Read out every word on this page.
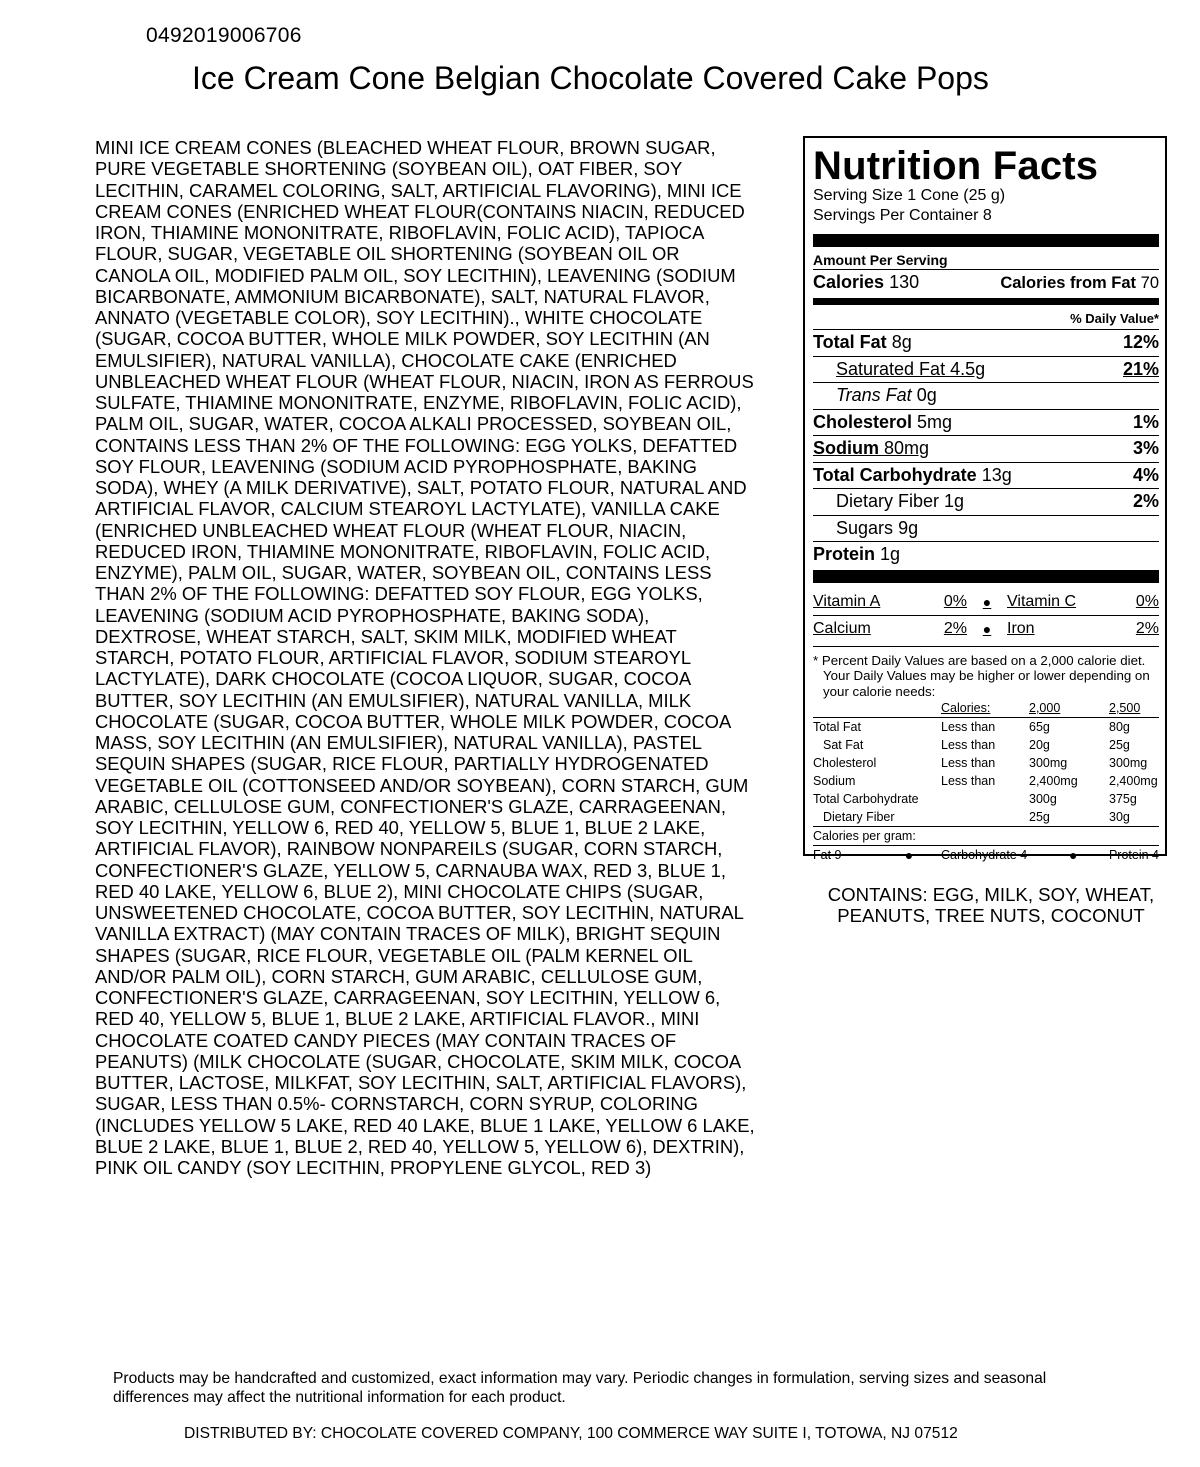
0492019006706
Ice Cream Cone Belgian Chocolate Covered Cake Pops
MINI ICE CREAM CONES (BLEACHED WHEAT FLOUR, BROWN SUGAR, PURE VEGETABLE SHORTENING (SOYBEAN OIL), OAT FIBER, SOY LECITHIN, CARAMEL COLORING, SALT, ARTIFICIAL FLAVORING), MINI ICE CREAM CONES (ENRICHED WHEAT FLOUR(CONTAINS NIACIN, REDUCED IRON, THIAMINE MONONITRATE, RIBOFLAVIN, FOLIC ACID), TAPIOCA FLOUR, SUGAR, VEGETABLE OIL SHORTENING (SOYBEAN OIL OR CANOLA OIL, MODIFIED PALM OIL, SOY LECITHIN), LEAVENING (SODIUM BICARBONATE, AMMONIUM BICARBONATE), SALT, NATURAL FLAVOR, ANNATO (VEGETABLE COLOR), SOY LECITHIN)., WHITE CHOCOLATE (SUGAR, COCOA BUTTER, WHOLE MILK POWDER, SOY LECITHIN (AN EMULSIFIER), NATURAL VANILLA), CHOCOLATE CAKE (ENRICHED UNBLEACHED WHEAT FLOUR (WHEAT FLOUR, NIACIN, IRON AS FERROUS SULFATE, THIAMINE MONONITRATE, ENZYME, RIBOFLAVIN, FOLIC ACID), PALM OIL, SUGAR, WATER, COCOA ALKALI PROCESSED, SOYBEAN OIL, CONTAINS LESS THAN 2% OF THE FOLLOWING: EGG YOLKS, DEFATTED SOY FLOUR, LEAVENING (SODIUM ACID PYROPHOSPHATE, BAKING SODA), WHEY (A MILK DERIVATIVE), SALT, POTATO FLOUR, NATURAL AND ARTIFICIAL FLAVOR, CALCIUM STEAROYL LACTYLATE), VANILLA CAKE (ENRICHED UNBLEACHED WHEAT FLOUR (WHEAT FLOUR, NIACIN, REDUCED IRON, THIAMINE MONONITRATE, RIBOFLAVIN, FOLIC ACID, ENZYME), PALM OIL, SUGAR, WATER, SOYBEAN OIL, CONTAINS LESS THAN 2% OF THE FOLLOWING: DEFATTED SOY FLOUR, EGG YOLKS, LEAVENING (SODIUM ACID PYROPHOSPHATE, BAKING SODA), DEXTROSE, WHEAT STARCH, SALT, SKIM MILK, MODIFIED WHEAT STARCH, POTATO FLOUR, ARTIFICIAL FLAVOR, SODIUM STEAROYL LACTYLATE), DARK CHOCOLATE (COCOA LIQUOR, SUGAR, COCOA BUTTER, SOY LECITHIN (AN EMULSIFIER), NATURAL VANILLA, MILK CHOCOLATE (SUGAR, COCOA BUTTER, WHOLE MILK POWDER, COCOA MASS, SOY LECITHIN (AN EMULSIFIER), NATURAL VANILLA), PASTEL SEQUIN SHAPES (SUGAR, RICE FLOUR, PARTIALLY HYDROGENATED VEGETABLE OIL (COTTONSEED AND/OR SOYBEAN), CORN STARCH, GUM ARABIC, CELLULOSE GUM, CONFECTIONER'S GLAZE, CARRAGEENAN, SOY LECITHIN, YELLOW 6, RED 40, YELLOW 5, BLUE 1, BLUE 2 LAKE, ARTIFICIAL FLAVOR), RAINBOW NONPAREILS (SUGAR, CORN STARCH, CONFECTIONER'S GLAZE, YELLOW 5, CARNAUBA WAX, RED 3, BLUE 1, RED 40 LAKE, YELLOW 6, BLUE 2), MINI CHOCOLATE CHIPS (SUGAR, UNSWEETENED CHOCOLATE, COCOA BUTTER, SOY LECITHIN, NATURAL VANILLA EXTRACT) (MAY CONTAIN TRACES OF MILK), BRIGHT SEQUIN SHAPES (SUGAR, RICE FLOUR, VEGETABLE OIL (PALM KERNEL OIL AND/OR PALM OIL), CORN STARCH, GUM ARABIC, CELLULOSE GUM, CONFECTIONER'S GLAZE, CARRAGEENAN, SOY LECITHIN, YELLOW 6, RED 40, YELLOW 5, BLUE 1, BLUE 2 LAKE, ARTIFICIAL FLAVOR., MINI CHOCOLATE COATED CANDY PIECES (MAY CONTAIN TRACES OF PEANUTS) (MILK CHOCOLATE (SUGAR, CHOCOLATE, SKIM MILK, COCOA BUTTER, LACTOSE, MILKFAT, SOY LECITHIN, SALT, ARTIFICIAL FLAVORS), SUGAR, LESS THAN 0.5%- CORNSTARCH, CORN SYRUP, COLORING (INCLUDES YELLOW 5 LAKE, RED 40 LAKE, BLUE 1 LAKE, YELLOW 6 LAKE, BLUE 2 LAKE, BLUE 1, BLUE 2, RED 40, YELLOW 5, YELLOW 6), DEXTRIN), PINK OIL CANDY (SOY LECITHIN, PROPYLENE GLYCOL, RED 3)
Nutrition Facts
Serving Size 1 Cone (25 g)
Servings Per Container 8
Amount Per Serving
Calories 130	Calories from Fat 70
% Daily Value*
Total Fat 8g	12%
Saturated Fat 4.5g	21%
Trans Fat 0g
Cholesterol 5mg	1%
Sodium 80mg	3%
Total Carbohydrate 13g	4%
Dietary Fiber 1g	2%
Sugars 9g
Protein 1g
Vitamin A	0%	● Vitamin C	0%
Calcium	2%	● Iron	2%
* Percent Daily Values are based on a 2,000 calorie diet.
Your Daily Values may be higher or lower depending on
your calorie needs:
Calories:	2,000	2,500
Total Fat	Less than	65g	80g
Sat Fat	Less than	20g	25g
Cholesterol	Less than	300mg	300mg
Sodium	Less than	2,400mg	2,400mg
Total Carbohydrate	300g	375g
Dietary Fiber	25g	30g
Calories per gram:
Fat 9	●	Carbohydrate 4	●	Protein 4
CONTAINS: EGG, MILK, SOY, WHEAT, PEANUTS, TREE NUTS, COCONUT
Products may be handcrafted and customized, exact information may vary. Periodic changes in formulation, serving sizes and seasonal differences may affect the nutritional information for each product.
DISTRIBUTED BY: CHOCOLATE COVERED COMPANY, 100 COMMERCE WAY SUITE I, TOTOWA, NJ 07512
